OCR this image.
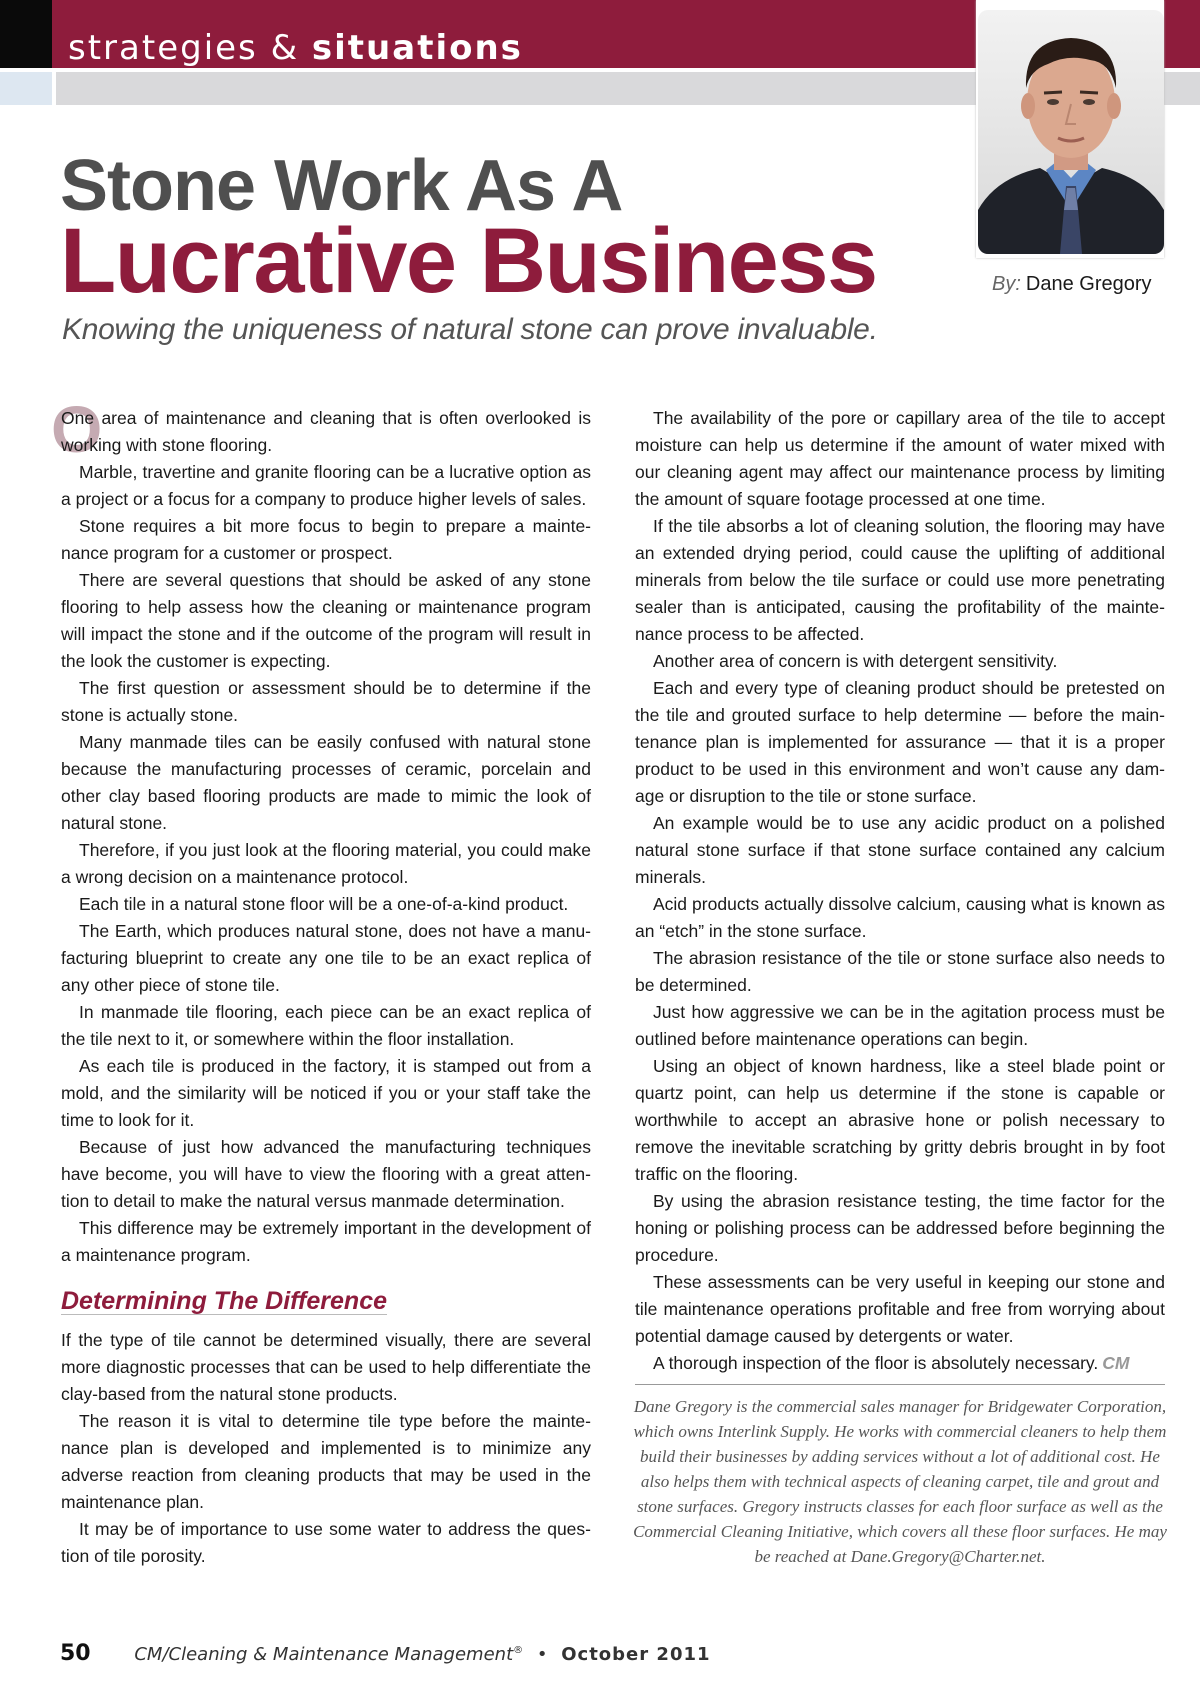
strategies & situations
By: Dane Gregory
Stone Work As A
Lucrative Business
Knowing the uniqueness of natural stone can prove invaluable.
O

One area of maintenance and cleaning that is often overlooked is working with stone flooring.

Marble, travertine and granite flooring can be a lucrative option as a project or a focus for a company to produce higher levels of sales.

Stone requires a bit more focus to begin to prepare a mainte-nance program for a customer or prospect.

There are several questions that should be asked of any stone flooring to help assess how the cleaning or maintenance program will impact the stone and if the outcome of the program will result in the look the customer is expecting.

The first question or assessment should be to determine if the stone is actually stone.

Many manmade tiles can be easily confused with natural stone because the manufacturing processes of ceramic, porcelain and other clay based flooring products are made to mimic the look of natural stone.

Therefore, if you just look at the flooring material, you could make a wrong decision on a maintenance protocol.

Each tile in a natural stone floor will be a one-of-a-kind product.

The Earth, which produces natural stone, does not have a manu-facturing blueprint to create any one tile to be an exact replica of any other piece of stone tile.

In manmade tile flooring, each piece can be an exact replica of the tile next to it, or somewhere within the floor installation.

As each tile is produced in the factory, it is stamped out from a mold, and the similarity will be noticed if you or your staff take the time to look for it.

Because of just how advanced the manufacturing techniques have become, you will have to view the flooring with a great atten-tion to detail to make the natural versus manmade determination.

This difference may be extremely important in the development of a maintenance program.

Determining The Difference

If the type of tile cannot be determined visually, there are several more diagnostic processes that can be used to help differentiate the clay-based from the natural stone products.

The reason it is vital to determine tile type before the mainte-nance plan is developed and implemented is to minimize any adverse reaction from cleaning products that may be used in the maintenance plan.

It may be of importance to use some water to address the ques-tion of tile porosity.

The availability of the pore or capillary area of the tile to accept moisture can help us determine if the amount of water mixed with our cleaning agent may affect our maintenance process by limiting the amount of square footage processed at one time.

If the tile absorbs a lot of cleaning solution, the flooring may have an extended drying period, could cause the uplifting of additional minerals from below the tile surface or could use more penetrating sealer than is anticipated, causing the profitability of the mainte-nance process to be affected.

Another area of concern is with detergent sensitivity.

Each and every type of cleaning product should be pretested on the tile and grouted surface to help determine — before the main-tenance plan is implemented for assurance — that it is a proper product to be used in this environment and won’t cause any dam-age or disruption to the tile or stone surface.

An example would be to use any acidic product on a polished natural stone surface if that stone surface contained any calcium minerals.

Acid products actually dissolve calcium, causing what is known as an “etch” in the stone surface.

The abrasion resistance of the tile or stone surface also needs to be determined.

Just how aggressive we can be in the agitation process must be outlined before maintenance operations can begin.

Using an object of known hardness, like a steel blade point or quartz point, can help us determine if the stone is capable or worthwhile to accept an abrasive hone or polish necessary to remove the inevitable scratching by gritty debris brought in by foot traffic on the flooring.

By using the abrasion resistance testing, the time factor for the honing or polishing process can be addressed before beginning the procedure.

These assessments can be very useful in keeping our stone and tile maintenance operations profitable and free from worrying about potential damage caused by detergents or water.

A thorough inspection of the floor is absolutely necessary. CM

Dane Gregory is the commercial sales manager for Bridgewater Corporation, which owns Interlink Supply. He works with commercial cleaners to help them build their businesses by adding services without a lot of additional cost. He also helps them with technical aspects of cleaning carpet, tile and grout and stone surfaces. Gregory instructs classes for each floor surface as well as the Commercial Cleaning Initiative, which covers all these floor surfaces. He may be reached at Dane.Gregory@Charter.net.
50 CM/Cleaning & Maintenance Management® • October 2011
